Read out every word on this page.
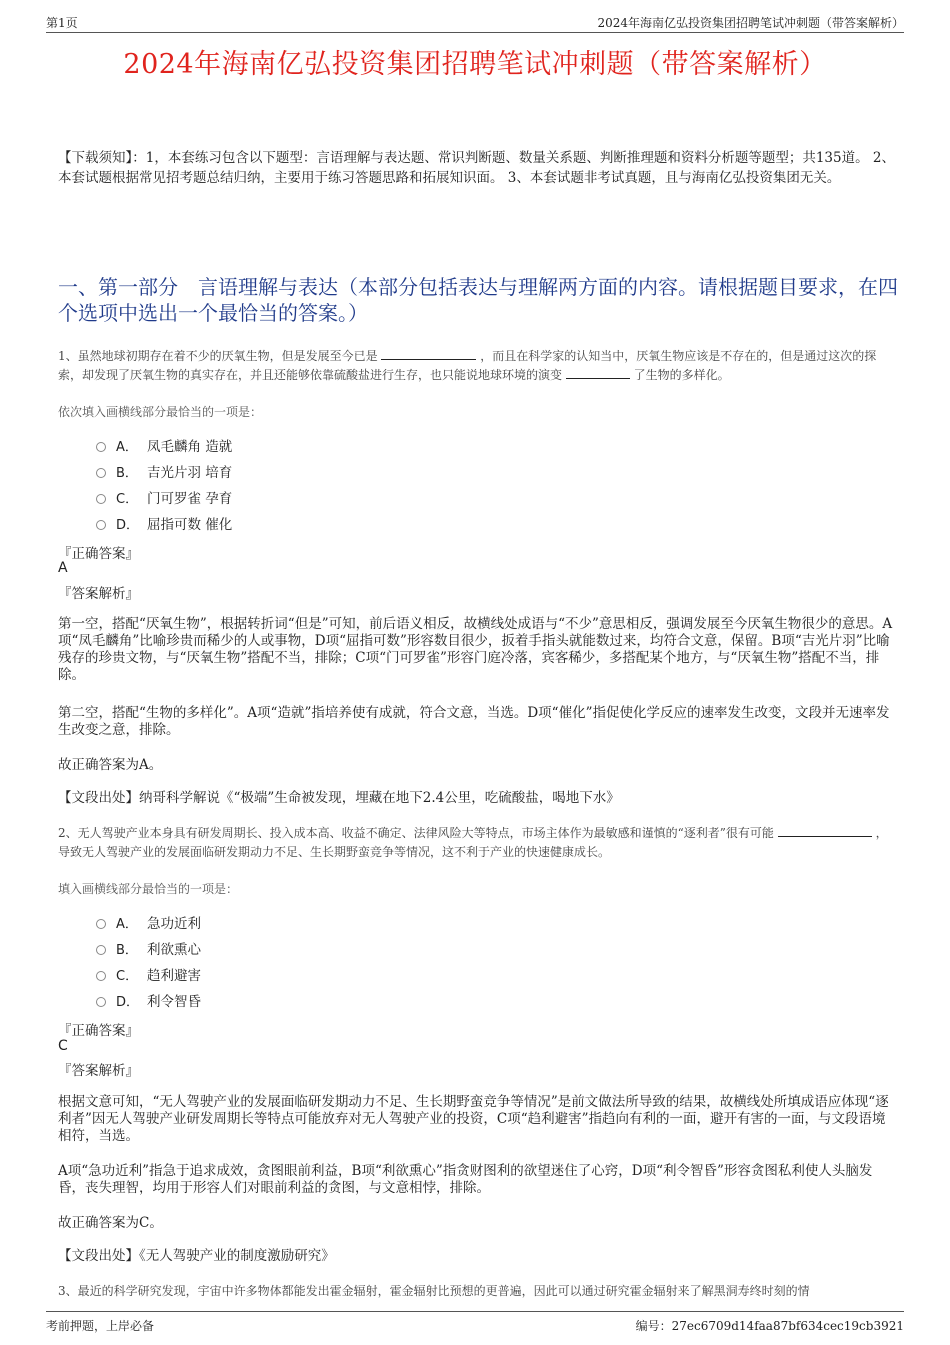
第1页	2024年海南亿弘投资集团招聘笔试冲刺题（带答案解析）
2024年海南亿弘投资集团招聘笔试冲刺题（带答案解析）
【下载须知】：1，本套练习包含以下题型：言语理解与表达题、常识判断题、数量关系题、判断推理题和资料分析题等题型；共135道。 2、本套试题根据常见招考题总结归纳，主要用于练习答题思路和拓展知识面。 3、本套试题非考试真题，且与海南亿弘投资集团无关。
一、第一部分　言语理解与表达（本部分包括表达与理解两方面的内容。请根据题目要求，在四个选项中选出一个最恰当的答案。）
1、虽然地球初期存在着不少的厌氧生物，但是发展至今已是	，而且在科学家的认知当中，厌氧生物应该是不存在的，但是通过这次的探索，却发现了厌氧生物的真实存在，并且还能够依靠硫酸盐进行生存，也只能说地球环境的演变	了生物的多样化。
依次填入画横线部分最恰当的一项是：
A． 凤毛麟角 造就
B． 吉光片羽 培育
C． 门可罗雀 孕育
D． 屈指可数 催化
『正确答案』
A
『答案解析』
第一空，搭配“厌氧生物”，根据转折词“但是”可知，前后语义相反，故横线处成语与“不少”意思相反，强调发展至今厌氧生物很少的意思。A项“凤毛麟角”比喻珍贵而稀少的人或事物，D项“屈指可数”形容数目很少，扳着手指头就能数过来，均符合文意，保留。B项“吉光片羽”比喻残存的珍贵文物，与“厌氧生物”搭配不当，排除；C项“门可罗雀”形容门庭冷落，宾客稀少，多搭配某个地方，与“厌氧生物”搭配不当，排除。
第二空，搭配“生物的多样化”。A项“造就”指培养使有成就，符合文意，当选。D项“催化”指促使化学反应的速率发生改变，文段并无速率发生改变之意，排除。
故正确答案为A。
【文段出处】纳哥科学解说《“极端”生命被发现，埋藏在地下2.4公里，吃硫酸盐，喝地下水》
2、无人驾驶产业本身具有研发周期长、投入成本高、收益不确定、法律风险大等特点，市场主体作为最敏感和谨慎的“逐利者”很有可能	，导致无人驾驶产业的发展面临研发期动力不足、生长期野蛮竞争等情况，这不利于产业的快速健康成长。
填入画横线部分最恰当的一项是：
A． 急功近利
B． 利欲熏心
C． 趋利避害
D． 利令智昏
『正确答案』
C
『答案解析』
根据文意可知，“无人驾驶产业的发展面临研发期动力不足、生长期野蛮竞争等情况”是前文做法所导致的结果，故横线处所填成语应体现“逐利者”因无人驾驶产业研发周期长等特点可能放弃对无人驾驶产业的投资，C项“趋利避害”指趋向有利的一面，避开有害的一面，与文段语境相符，当选。
A项“急功近利”指急于追求成效，贪图眼前利益，B项“利欲熏心”指贪财图利的欲望迷住了心窍，D项“利令智昏”形容贪图私利使人头脑发昏，丧失理智，均用于形容人们对眼前利益的贪图，与文意相悖，排除。
故正确答案为C。
【文段出处】《无人驾驶产业的制度激励研究》
3、最近的科学研究发现，宇宙中许多物体都能发出霍金辐射，霍金辐射比预想的更普遍，因此可以通过研究霍金辐射来了解黑洞寿终时刻的情
考前押题，上岸必备	编号：27ec6709d14faa87bf634cec19cb3921
